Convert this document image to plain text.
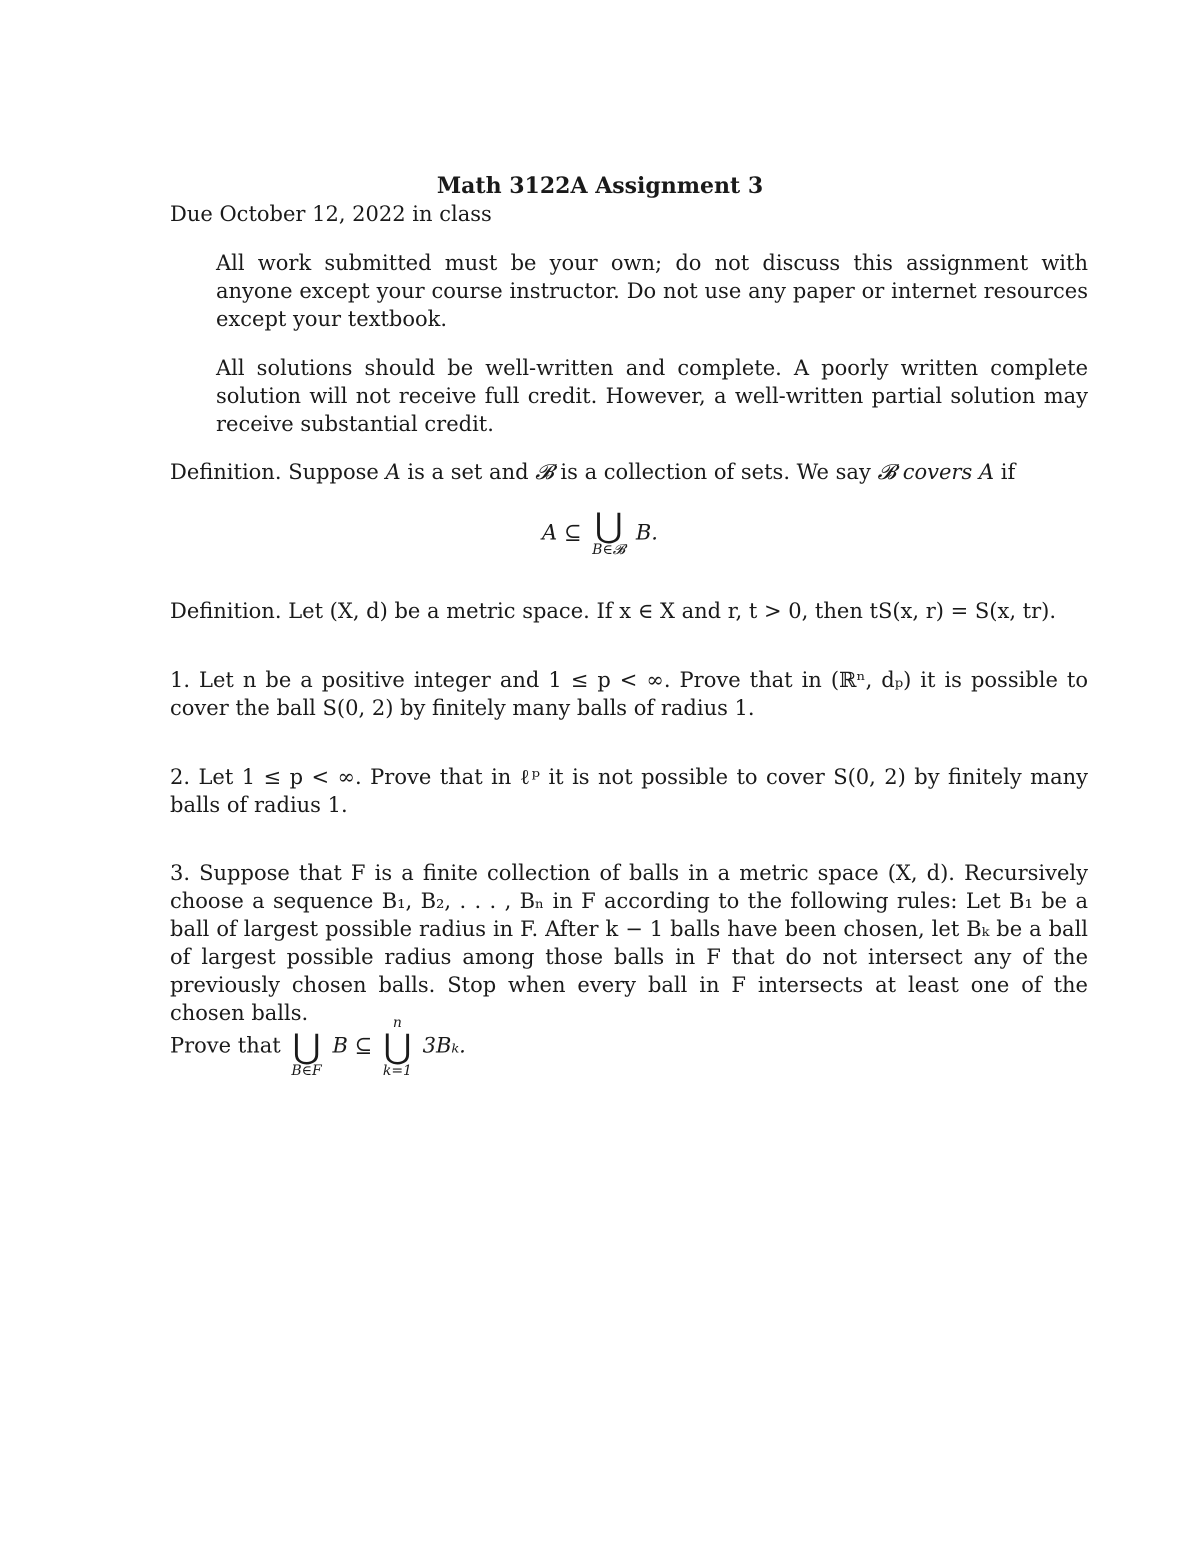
Math 3122A Assignment 3
Due October 12, 2022 in class
All work submitted must be your own; do not discuss this assignment with anyone except your course instructor. Do not use any paper or internet resources except your textbook.
All solutions should be well-written and complete. A poorly written complete solution will not receive full credit. However, a well-written partial solution may receive substantial credit.
Definition. Suppose A is a set and 𝓑 is a collection of sets. We say 𝓑 covers A if
A ⊆ ⋃
B∈𝓑
B.
Definition. Let (X, d) be a metric space. If x ∈ X and r, t > 0, then tS(x, r) = S(x, tr).
1. Let n be a positive integer and 1 ≤ p < ∞. Prove that in (ℝⁿ, dₚ) it is possible to cover the ball S(0, 2) by finitely many balls of radius 1.
2. Let 1 ≤ p < ∞. Prove that in ℓᵖ it is not possible to cover S(0, 2) by finitely many balls of radius 1.
3. Suppose that F is a finite collection of balls in a metric space (X, d). Recursively choose a sequence B₁, B₂, . . . , Bₙ in F according to the following rules: Let B₁ be a ball of largest possible radius in F. After k − 1 balls have been chosen, let Bₖ be a ball of largest possible radius among those balls in F that do not intersect any of the previously chosen balls. Stop when every ball in F intersects at least one of the chosen balls.
Prove that ⋃
B∈F
B ⊆
n
⋃
k=1
3Bₖ.
